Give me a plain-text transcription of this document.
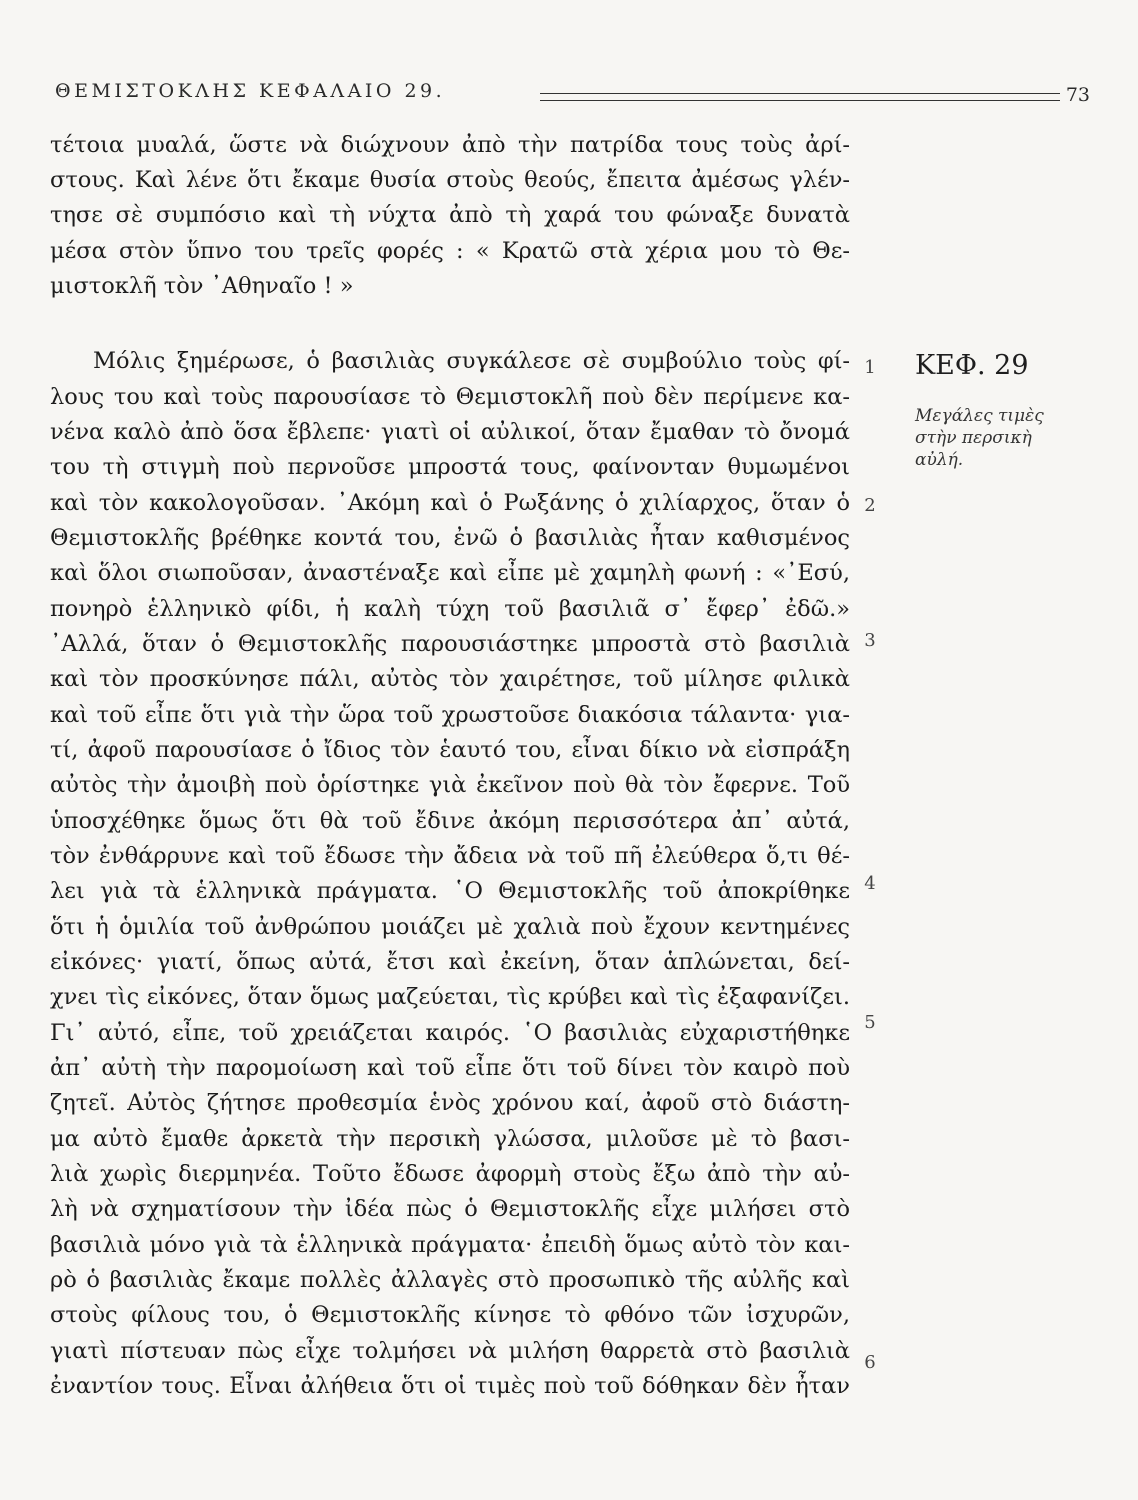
ΘΕΜΙΣΤΟΚΛΗΣ ΚΕΦΑΛΑΙΟ 29.	73
τέτοια μυαλά, ὥστε νὰ διώχνουν ἀπὸ τὴν πατρίδα τους τοὺς ἀρί-
στους. Καὶ λένε ὅτι ἔκαμε θυσία στοὺς θεούς, ἔπειτα ἀμέσως γλέν-
τησε σὲ συμπόσιο καὶ τὴ νύχτα ἀπὸ τὴ χαρά του φώναξε δυνατὰ
μέσα στὸν ὕπνο του τρεῖς φορές : « Κρατῶ στὰ χέρια μου τὸ Θε-
μιστοκλῆ τὸν ᾿Αθηναῖο ! »
Μόλις ξημέρωσε, ὁ βασιλιὰς συγκάλεσε σὲ συμβούλιο τοὺς φί-
λους του καὶ τοὺς παρουσίασε τὸ Θεμιστοκλῆ ποὺ δὲν περίμενε κα-
νένα καλὸ ἀπὸ ὅσα ἔβλεπε· γιατὶ οἱ αὐλικοί, ὅταν ἔμαθαν τὸ ὄνομά
του τὴ στιγμὴ ποὺ περνοῦσε μπροστά τους, φαίνονταν θυμωμένοι
καὶ τὸν κακολογοῦσαν. ᾿Ακόμη καὶ ὁ Ρωξάνης ὁ χιλίαρχος, ὅταν ὁ
Θεμιστοκλῆς βρέθηκε κοντά του, ἐνῶ ὁ βασιλιὰς ἦταν καθισμένος
καὶ ὅλοι σιωποῦσαν, ἀναστέναξε καὶ εἶπε μὲ χαμηλὴ φωνή : «᾿Εσύ,
πονηρὸ ἑλληνικὸ φίδι, ἡ καλὴ τύχη τοῦ βασιλιᾶ σ᾿ ἔφερ᾿ ἐδῶ.»
᾿Αλλά, ὅταν ὁ Θεμιστοκλῆς παρουσιάστηκε μπροστὰ στὸ βασιλιὰ
καὶ τὸν προσκύνησε πάλι, αὐτὸς τὸν χαιρέτησε, τοῦ μίλησε φιλικὰ
καὶ τοῦ εἶπε ὅτι γιὰ τὴν ὥρα τοῦ χρωστοῦσε διακόσια τάλαντα· για-
τί, ἀφοῦ παρουσίασε ὁ ἴδιος τὸν ἑαυτό του, εἶναι δίκιο νὰ εἰσπράξη
αὐτὸς τὴν ἀμοιβὴ ποὺ ὁρίστηκε γιὰ ἐκεῖνον ποὺ θὰ τὸν ἔφερνε. Τοῦ
ὑποσχέθηκε ὅμως ὅτι θὰ τοῦ ἔδινε ἀκόμη περισσότερα ἀπ᾿ αὐτά,
τὸν ἐνθάρρυνε καὶ τοῦ ἔδωσε τὴν ἄδεια νὰ τοῦ πῆ ἐλεύθερα ὅ,τι θέ-
λει γιὰ τὰ ἑλληνικὰ πράγματα. ῾Ο Θεμιστοκλῆς τοῦ ἀποκρίθηκε
ὅτι ἡ ὁμιλία τοῦ ἀνθρώπου μοιάζει μὲ χαλιὰ ποὺ ἔχουν κεντημένες
εἰκόνες· γιατί, ὅπως αὐτά, ἔτσι καὶ ἐκείνη, ὅταν ἁπλώνεται, δεί-
χνει τὶς εἰκόνες, ὅταν ὅμως μαζεύεται, τὶς κρύβει καὶ τὶς ἐξαφανίζει.
Γι᾿ αὐτό, εἶπε, τοῦ χρειάζεται καιρός. ῾Ο βασιλιὰς εὐχαριστήθηκε
ἀπ᾿ αὐτὴ τὴν παρομοίωση καὶ τοῦ εἶπε ὅτι τοῦ δίνει τὸν καιρὸ ποὺ
ζητεῖ. Αὐτὸς ζήτησε προθεσμία ἑνὸς χρόνου καί, ἀφοῦ στὸ διάστη-
μα αὐτὸ ἔμαθε ἀρκετὰ τὴν περσικὴ γλώσσα, μιλοῦσε μὲ τὸ βασι-
λιὰ χωρὶς διερμηνέα. Τοῦτο ἔδωσε ἀφορμὴ στοὺς ἔξω ἀπὸ τὴν αὐ-
λὴ νὰ σχηματίσουν τὴν ἰδέα πὼς ὁ Θεμιστοκλῆς εἶχε μιλήσει στὸ
βασιλιὰ μόνο γιὰ τὰ ἑλληνικὰ πράγματα· ἐπειδὴ ὅμως αὐτὸ τὸν και-
ρὸ ὁ βασιλιὰς ἔκαμε πολλὲς ἀλλαγὲς στὸ προσωπικὸ τῆς αὐλῆς καὶ
στοὺς φίλους του, ὁ Θεμιστοκλῆς κίνησε τὸ φθόνο τῶν ἰσχυρῶν,
γιατὶ πίστευαν πὼς εἶχε τολμήσει νὰ μιλήση θαρρετὰ στὸ βασιλιὰ
ἐναντίον τους. Εἶναι ἀλήθεια ὅτι οἱ τιμὲς ποὺ τοῦ δόθηκαν δὲν ἦταν
1
2
3
4
5
6
ΚΕΦ. 29
Μεγάλες τιμὲς
στὴν περσικὴ
αὐλή.
